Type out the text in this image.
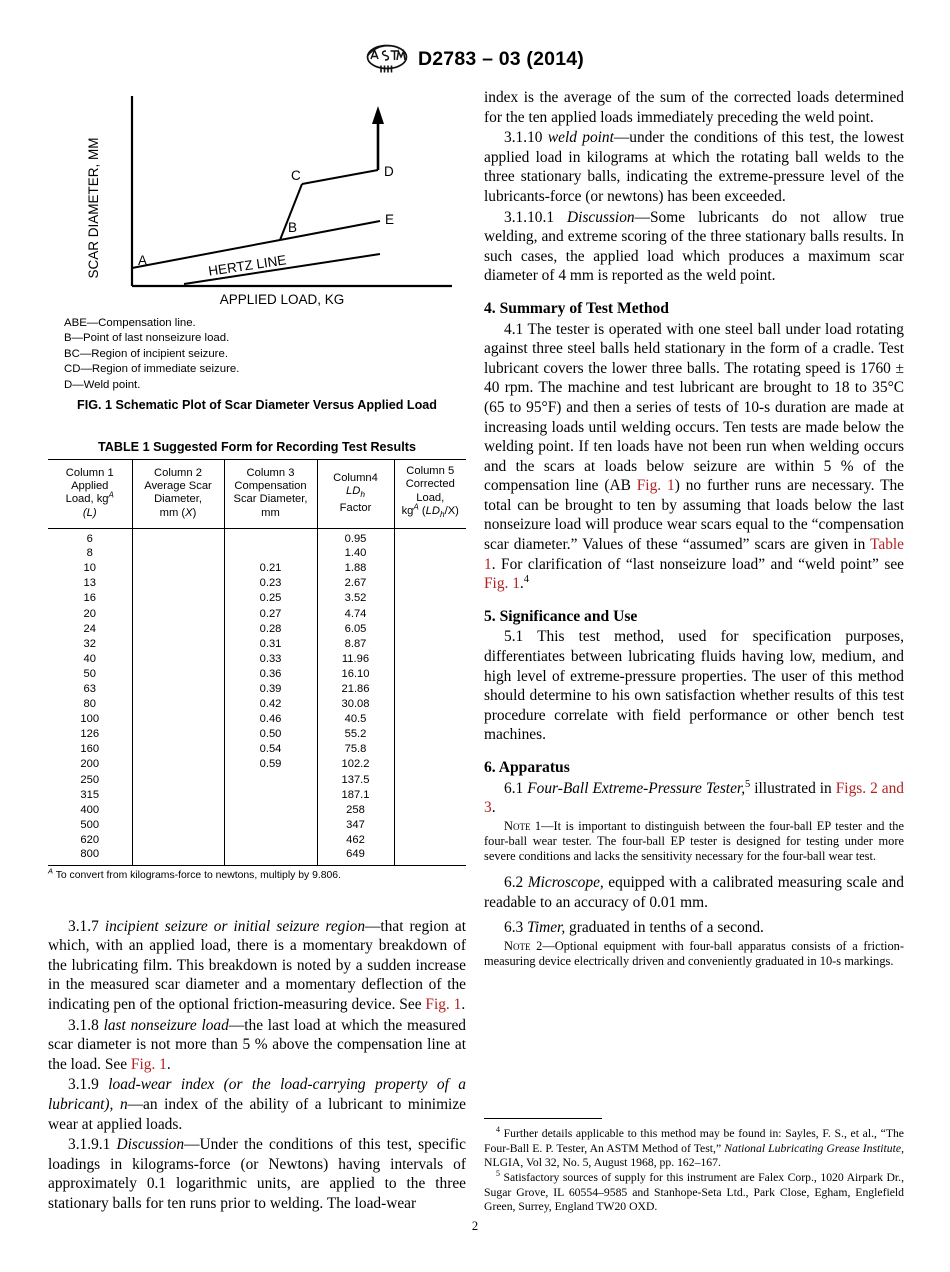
D2783 – 03 (2014)
SCAR DIAMETER, MM
APPLIED LOAD, KG
HERTZ LINE
A
B
C	D
E
ABE—Compensation line.
B—Point of last nonseizure load.
BC—Region of incipient seizure.
CD—Region of immediate seizure.
D—Weld point.
FIG. 1 Schematic Plot of Scar Diameter Versus Applied Load
TABLE 1 Suggested Form for Recording Test Results
Column 1
Applied
Load, $kg^A$
(L)	Column 2
Average Scar
Diameter,
mm (X)	Column 3
Compensation
Scar Diameter,
mm	Column4
$LD_h$
Factor	Column 5
Corrected
Load,
$kg^A$ $(LD_h/X)$
6			0.95	
8			1.40	
10		0.21	1.88	
13		0.23	2.67	
16		0.25	3.52	
20		0.27	4.74	
24		0.28	6.05	
32		0.31	8.87	
40		0.33	11.96	
50		0.36	16.10	
63		0.39	21.86	
80		0.42	30.08	
100		0.46	40.5	
126		0.50	55.2	
160		0.54	75.8	
200		0.59	102.2	
250			137.5	
315			187.1	
400			258	
500			347	
620			462	
800			649	
$^A$ To convert from kilograms-force to newtons, multiply by 9.806.

3.1.7 incipient seizure or initial seizure region—that region at which, with an applied load, there is a momentary breakdown of the lubricating film. This breakdown is noted by a sudden increase in the measured scar diameter and a momentary deflection of the indicating pen of the optional friction-measuring device. See Fig. 1.

3.1.8 last nonseizure load—the last load at which the measured scar diameter is not more than 5 % above the compensation line at the load. See Fig. 1.

3.1.9 load-wear index (or the load-carrying property of a lubricant), n—an index of the ability of a lubricant to minimize wear at applied loads.

3.1.9.1 Discussion—Under the conditions of this test, specific loadings in kilograms-force (or Newtons) having intervals of approximately 0.1 logarithmic units, are applied to the three stationary balls for ten runs prior to welding. The load-wear

index is the average of the sum of the corrected loads determined for the ten applied loads immediately preceding the weld point.

3.1.10 weld point—under the conditions of this test, the lowest applied load in kilograms at which the rotating ball welds to the three stationary balls, indicating the extreme-pressure level of the lubricants-force (or newtons) has been exceeded.

3.1.10.1 Discussion—Some lubricants do not allow true welding, and extreme scoring of the three stationary balls results. In such cases, the applied load which produces a maximum scar diameter of 4 mm is reported as the weld point.

4. Summary of Test Method

4.1 The tester is operated with one steel ball under load rotating against three steel balls held stationary in the form of a cradle. Test lubricant covers the lower three balls. The rotating speed is 1760 ± 40 rpm. The machine and test lubricant are brought to 18 to 35°C (65 to 95°F) and then a series of tests of 10-s duration are made at increasing loads until welding occurs. Ten tests are made below the welding point. If ten loads have not been run when welding occurs and the scars at loads below seizure are within 5 % of the compensation line (AB Fig. 1) no further runs are necessary. The total can be brought to ten by assuming that loads below the last nonseizure load will produce wear scars equal to the “compensation scar diameter.” Values of these “assumed” scars are given in Table 1. For clarification of “last nonseizure load” and “weld point” see Fig. 1.$^4$

5. Significance and Use

5.1 This test method, used for specification purposes, differentiates between lubricating fluids having low, medium, and high level of extreme-pressure properties. The user of this method should determine to his own satisfaction whether results of this test procedure correlate with field performance or other bench test machines.

6. Apparatus

6.1 Four-Ball Extreme-Pressure Tester,$^5$ illustrated in Figs. 2 and 3.

Note 1—It is important to distinguish between the four-ball EP tester and the four-ball wear tester. The four-ball EP tester is designed for testing under more severe conditions and lacks the sensitivity necessary for the four-ball wear test.

6.2 Microscope, equipped with a calibrated measuring scale and readable to an accuracy of 0.01 mm.

6.3 Timer, graduated in tenths of a second.

Note 2—Optional equipment with four-ball apparatus consists of a friction-measuring device electrically driven and conveniently graduated in 10-s markings.

$^4$ Further details applicable to this method may be found in: Sayles, F. S., et al., “The Four-Ball E. P. Tester, An ASTM Method of Test,” National Lubricating Grease Institute, NLGIA, Vol 32, No. 5, August 1968, pp. 162–167.
$^5$ Satisfactory sources of supply for this instrument are Falex Corp., 1020 Airpark Dr., Sugar Grove, IL 60554–9585 and Stanhope-Seta Ltd., Park Close, Egham, Englefield Green, Surrey, England TW20 OXD.
2
